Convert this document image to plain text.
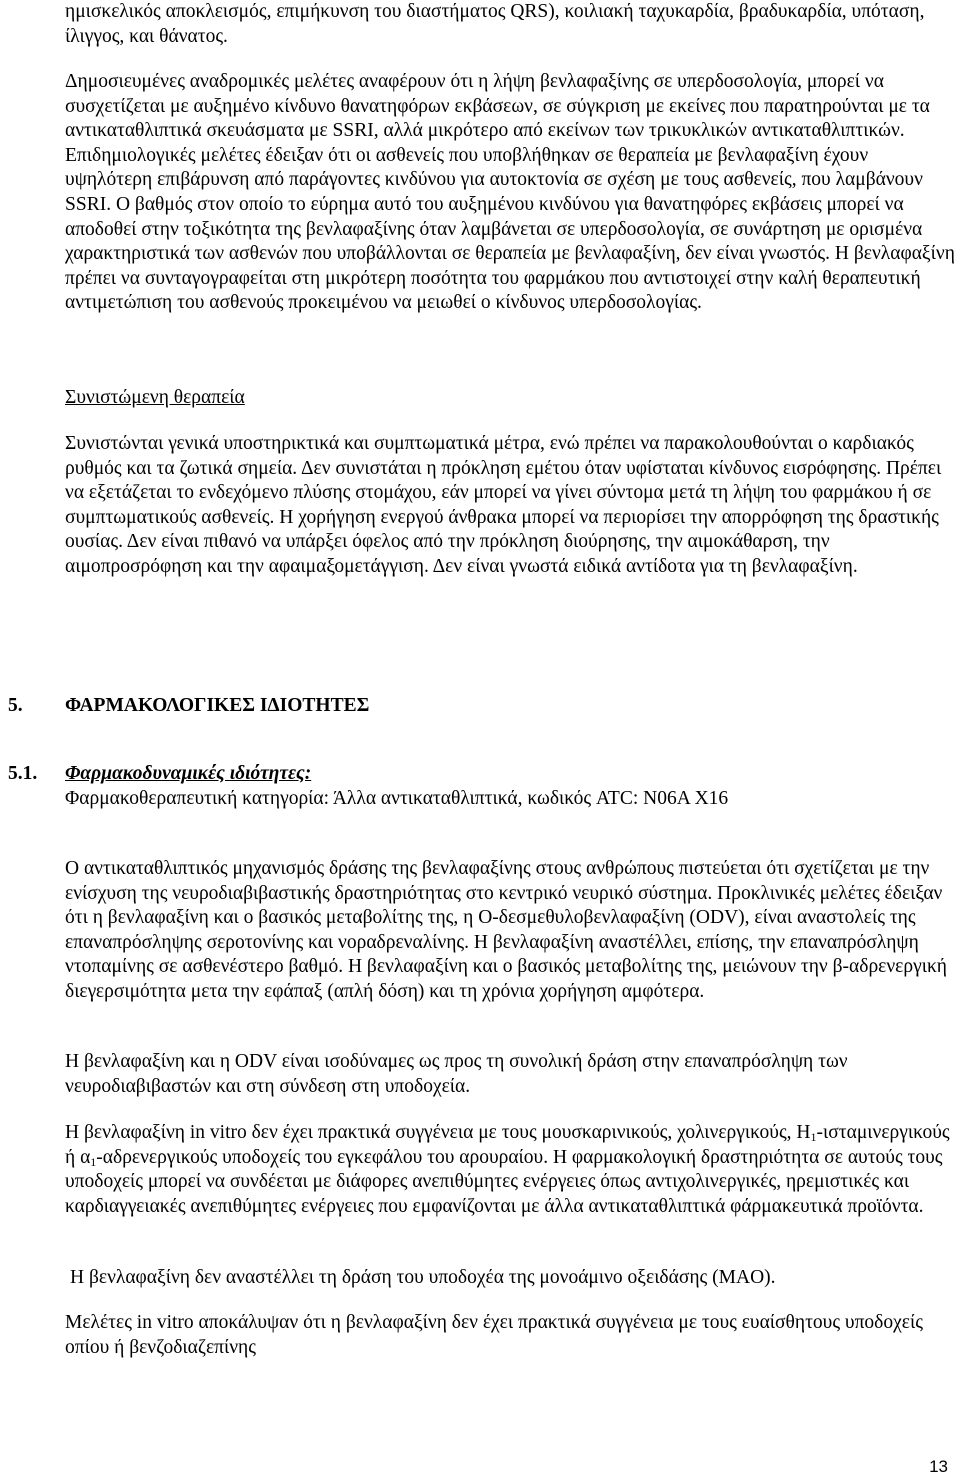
ημισκελικός αποκλεισμός, επιμήκυνση του διαστήματος QRS), κοιλιακή ταχυκαρδία, βραδυκαρδία, υπόταση, ίλιγγος, και θάνατος.

Δημοσιευμένες αναδρομικές μελέτες αναφέρουν ότι η λήψη βενλαφαξίνης σε υπερδοσολογία, μπορεί να συσχετίζεται με αυξημένο κίνδυνο θανατηφόρων εκβάσεων, σε σύγκριση με εκείνες που παρατηρούνται με τα αντικαταθλιπτικά σκευάσματα με SSRI, αλλά μικρότερο από εκείνων των τρικυκλικών αντικαταθλιπτικών. Επιδημιολογικές μελέτες έδειξαν ότι οι ασθενείς που υποβλήθηκαν σε θεραπεία με βενλαφαξίνη έχουν υψηλότερη επιβάρυνση από παράγοντες κινδύνου για αυτοκτονία σε σχέση με τους ασθενείς, που λαμβάνουν SSRI. Ο βαθμός στον οποίο το εύρημα αυτό του αυξημένου κινδύνου για θανατηφόρες εκβάσεις μπορεί να αποδοθεί στην τοξικότητα της βενλαφαξίνης όταν λαμβάνεται σε υπερδοσολογία, σε συνάρτηση με ορισμένα χαρακτηριστικά των ασθενών που υποβάλλονται σε θεραπεία με βενλαφαξίνη, δεν είναι γνωστός. Η βενλαφαξίνη πρέπει να συνταγογραφείται στη μικρότερη ποσότητα του φαρμάκου που αντιστοιχεί στην καλή θεραπευτική αντιμετώπιση του ασθενούς προκειμένου να μειωθεί ο κίνδυνος υπερδοσολογίας.

Συνιστώμενη θεραπεία

Συνιστώνται γενικά υποστηρικτικά και συμπτωματικά μέτρα, ενώ πρέπει να παρακολουθούνται ο καρδιακός ρυθμός και τα ζωτικά σημεία. Δεν συνιστάται η πρόκληση εμέτου όταν υφίσταται κίνδυνος εισρόφησης. Πρέπει να εξετάζεται το ενδεχόμενο πλύσης στομάχου, εάν μπορεί να γίνει σύντομα μετά τη λήψη του φαρμάκου ή σε συμπτωματικούς ασθενείς. Η χορήγηση ενεργού άνθρακα μπορεί να περιορίσει την απορρόφηση της δραστικής ουσίας. Δεν είναι πιθανό να υπάρξει όφελος από την πρόκληση διούρησης, την αιμοκάθαρση, την αιμοπροσρόφηση και την αφαιμαξομετάγγιση. Δεν είναι γνωστά ειδικά αντίδοτα για τη βενλαφαξίνη.

5. ΦΑΡΜΑΚΟΛΟΓΙΚΕΣ ΙΔΙΟΤΗΤΕΣ
5.1. Φαρμακοδυναμικές ιδιότητες:

Φαρμακοθεραπευτική κατηγορία: Άλλα αντικαταθλιπτικά, κωδικός ATC: N06A X16

Ο αντικαταθλιπτικός μηχανισμός δράσης της βενλαφαξίνης στους ανθρώπους πιστεύεται ότι σχετίζεται με την ενίσχυση της νευροδιαβιβαστικής δραστηριότητας στο κεντρικό νευρικό σύστημα. Προκλινικές μελέτες έδειξαν ότι η βενλαφαξίνη και ο βασικός μεταβολίτης της, η Ο-δεσμεθυλοβενλαφαξίνη (ODV), είναι αναστολείς της επαναπρόσληψης σεροτονίνης και νοραδρεναλίνης. Η βενλαφαξίνη αναστέλλει, επίσης, την επαναπρόσληψη ντοπαμίνης σε ασθενέστερο βαθμό. Η βενλαφαξίνη και ο βασικός μεταβολίτης της, μειώνουν την β-αδρενεργική διεγερσιμότητα μετα την εφάπαξ (απλή δόση) και τη χρόνια χορήγηση αμφότερα.

Η βενλαφαξίνη και η ODV είναι ισοδύναμες ως προς τη συνολική δράση στην επαναπρόσληψη των νευροδιαβιβαστών και στη σύνδεση στη υποδοχεία.

Η βενλαφαξίνη in vitro δεν έχει πρακτικά συγγένεια με τους μουσκαρινικούς, χολινεργικούς, $H_1$-ισταμινεργικούς ή $\alpha_1$-αδρενεργικούς υποδοχείς του εγκεφάλου του αρουραίου. Η φαρμακολογική δραστηριότητα σε αυτούς τους υποδοχείς μπορεί να συνδέεται με διάφορες ανεπιθύμητες ενέργειες όπως αντιχολινεργικές, ηρεμιστικές και καρδιαγγειακές ανεπιθύμητες ενέργειες που εμφανίζονται με άλλα αντικαταθλιπτικά φάρμακευτικά προϊόντα.

Η βενλαφαξίνη δεν αναστέλλει τη δράση του υποδοχέα της μονοάμινο οξειδάσης (MAO).

Μελέτες in vitro αποκάλυψαν ότι η βενλαφαξίνη δεν έχει πρακτικά συγγένεια με τους ευαίσθητους υποδοχείς οπίου ή βενζοδιαζεπίνης

13
